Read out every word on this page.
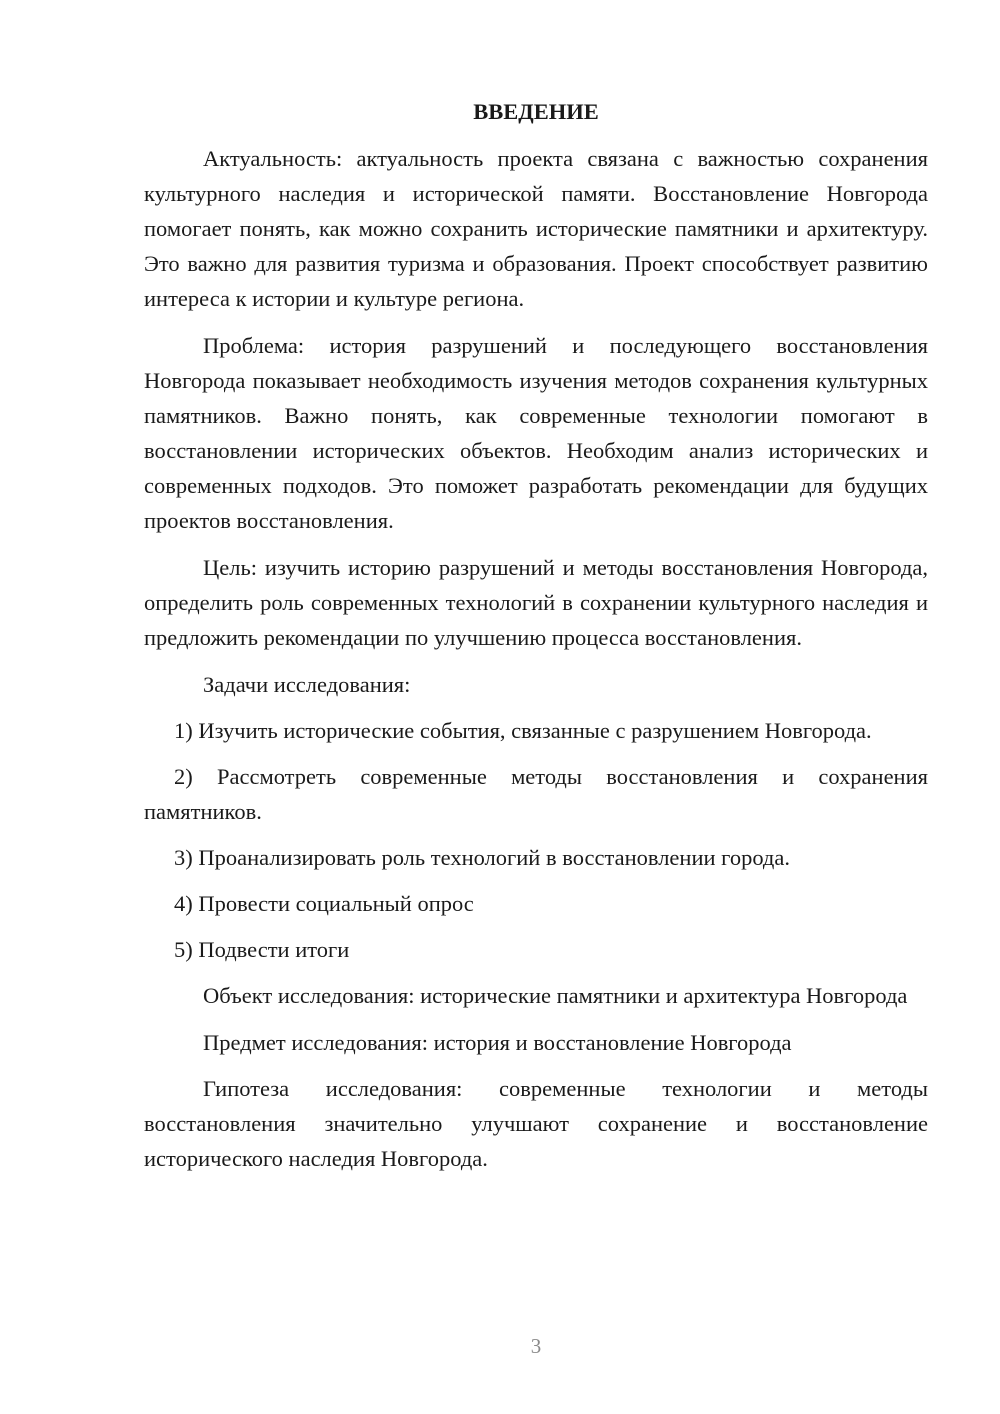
ВВЕДЕНИЕ

Актуальность: актуальность проекта связана с важностью сохранения культурного наследия и исторической памяти. Восстановление Новгорода помогает понять, как можно сохранить исторические памятники и архитектуру. Это важно для развития туризма и образования. Проект способствует развитию интереса к истории и культуре региона.

Проблема: история разрушений и последующего восстановления Новгорода показывает необходимость изучения методов сохранения культурных памятников. Важно понять, как современные технологии помогают в восстановлении исторических объектов. Необходим анализ исторических и современных подходов. Это поможет разработать рекомендации для будущих проектов восстановления.

Цель: изучить историю разрушений и методы восстановления Новгорода, определить роль современных технологий в сохранении культурного наследия и предложить рекомендации по улучшению процесса восстановления.

Задачи исследования:

1) Изучить исторические события, связанные с разрушением Новгорода.

2) Рассмотреть современные методы восстановления и сохранения памятников.

3) Проанализировать роль технологий в восстановлении города.

4) Провести социальный опрос

5) Подвести итоги

Объект исследования: исторические памятники и архитектура Новгорода

Предмет исследования: история и восстановление Новгорода

Гипотеза исследования: современные технологии и методы восстановления значительно улучшают сохранение и восстановление исторического наследия Новгорода.

3
